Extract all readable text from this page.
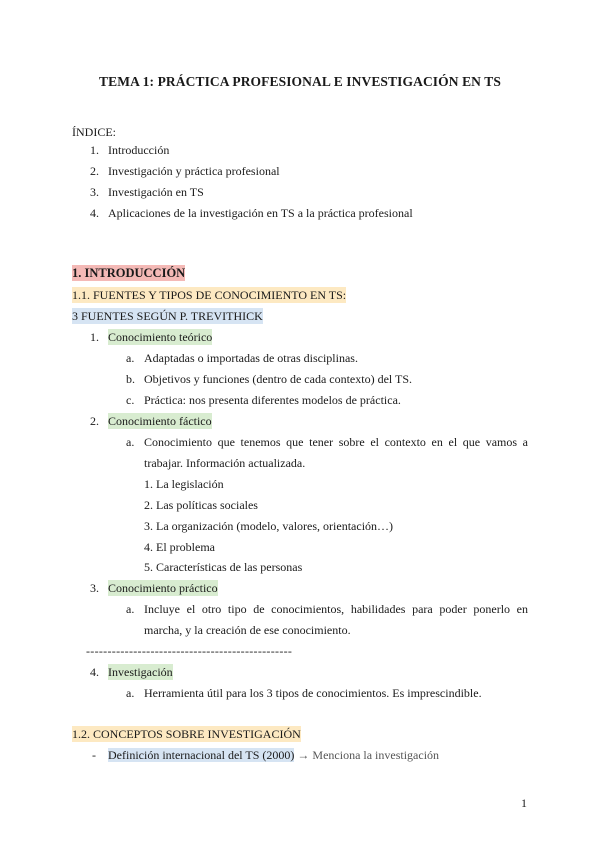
TEMA 1: PRÁCTICA PROFESIONAL E INVESTIGACIÓN EN TS
ÍNDICE:
1. Introducción
2. Investigación y práctica profesional
3. Investigación en TS
4. Aplicaciones de la investigación en TS a la práctica profesional
1. INTRODUCCIÓN
1.1. FUENTES Y TIPOS DE CONOCIMIENTO EN TS:
3 FUENTES SEGÚN P. TREVITHICK
1. Conocimiento teórico
a. Adaptadas o importadas de otras disciplinas.
b. Objetivos y funciones (dentro de cada contexto) del TS.
c. Práctica: nos presenta diferentes modelos de práctica.
2. Conocimiento fáctico
a. Conocimiento que tenemos que tener sobre el contexto en el que vamos a
trabajar. Información actualizada.
1. La legislación
2. Las políticas sociales
3. La organización (modelo, valores, orientación…)
4. El problema
5. Características de las personas
3. Conocimiento práctico
a. Incluye el otro tipo de conocimientos, habilidades para poder ponerlo en
marcha, y la creación de ese conocimiento.
------------------------------------------------
4. Investigación
a. Herramienta útil para los 3 tipos de conocimientos. Es imprescindible.
1.2. CONCEPTOS SOBRE INVESTIGACIÓN
- Definición internacional del TS (2000) → Menciona la investigación
1
